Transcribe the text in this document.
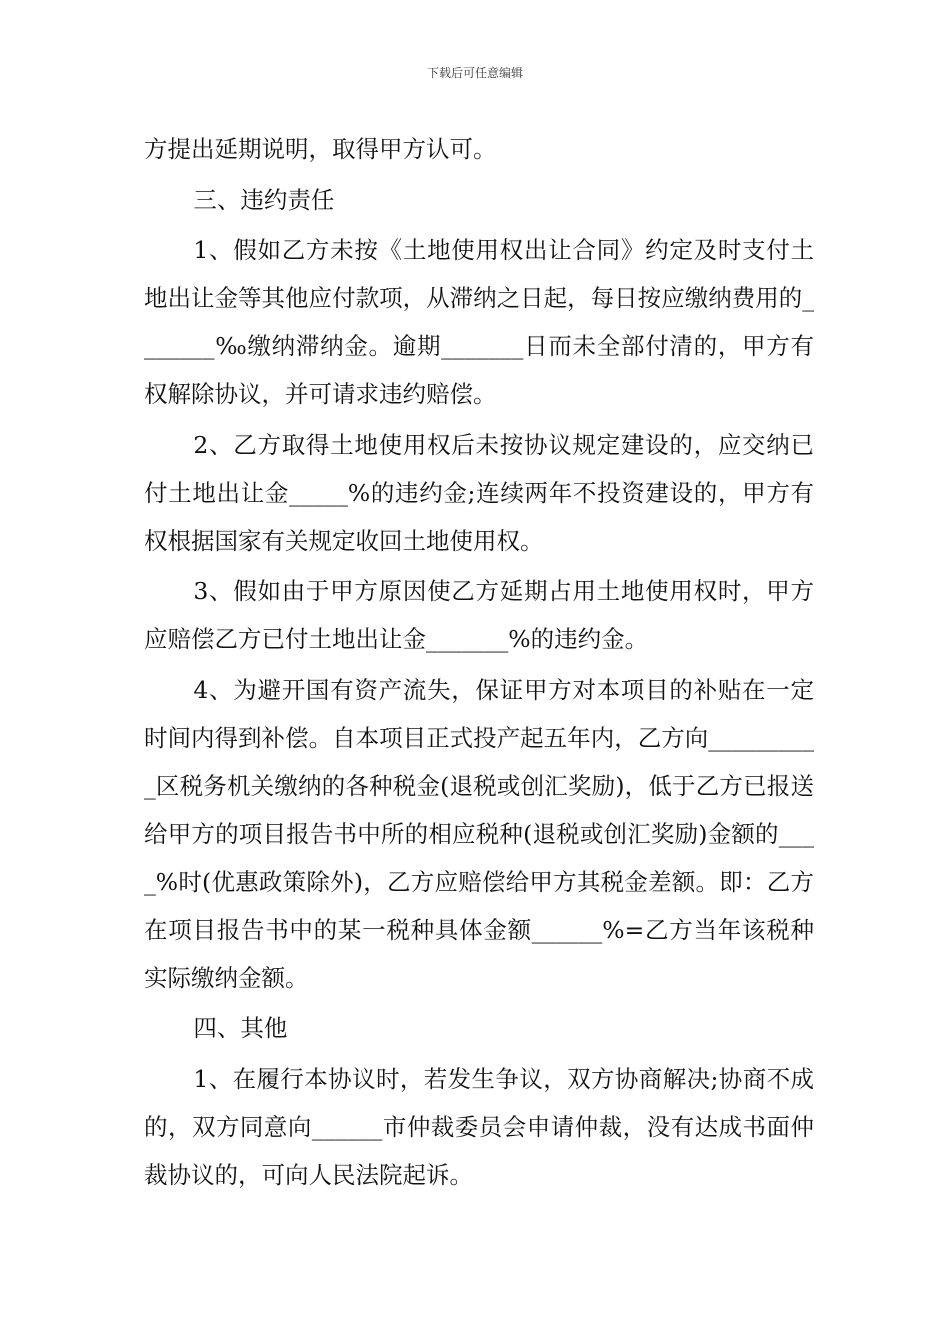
下载后可任意编辑

方提出延期说明，取得甲方认可。

三、违约责任

1、假如乙方未按《土地使用权出让合同》约定及时支付土地出让金等其他应付款项，从滞纳之日起，每日按应缴纳费用的_______‰缴纳滞纳金。逾期_______日而未全部付清的，甲方有权解除协议，并可请求违约赔偿。

2、乙方取得土地使用权后未按协议规定建设的，应交纳已付土地出让金_____%的违约金;连续两年不投资建设的，甲方有权根据国家有关规定收回土地使用权。

3、假如由于甲方原因使乙方延期占用土地使用权时，甲方应赔偿乙方已付土地出让金_______%的违约金。

4、为避开国有资产流失，保证甲方对本项目的补贴在一定时间内得到补偿。自本项目正式投产起五年内，乙方向__________区税务机关缴纳的各种税金(退税或创汇奖励)，低于乙方已报送给甲方的项目报告书中所的相应税种(退税或创汇奖励)金额的____%时(优惠政策除外)，乙方应赔偿给甲方其税金差额。即：乙方在项目报告书中的某一税种具体金额______%=乙方当年该税种实际缴纳金额。

四、其他

1、在履行本协议时，若发生争议，双方协商解决;协商不成的，双方同意向______市仲裁委员会申请仲裁，没有达成书面仲裁协议的，可向人民法院起诉。
